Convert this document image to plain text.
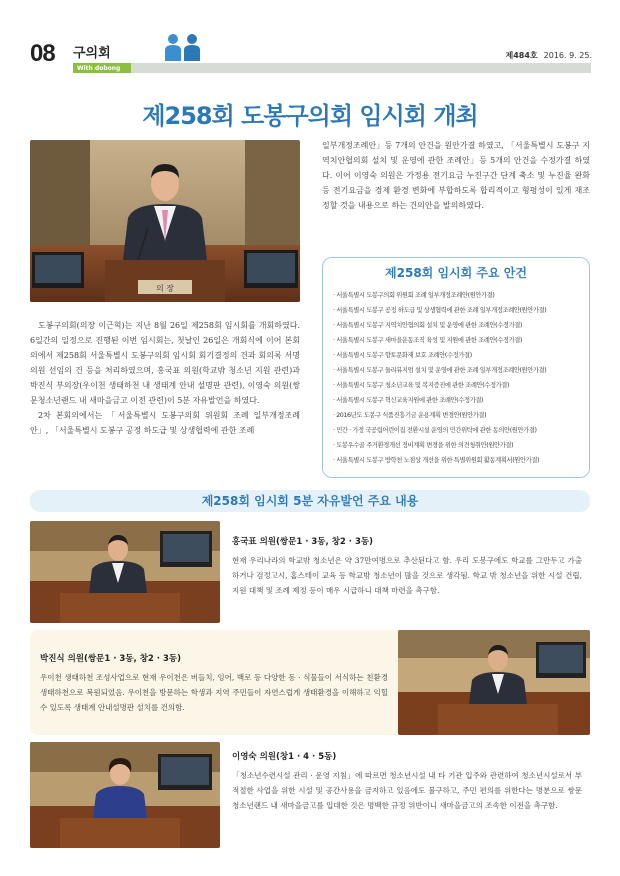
08 구의회
With dobong
제484호 2016. 9. 25.
제258회 도봉구의회 임시회 개최
의 장

도봉구의회(의장 이근혁)는 지난 8월 26일 제258회 임시회를 개회하였다. 6일간의 일정으로 진행된 이번 임시회는, 첫날인 26일은 개회식에 이어 본회의에서 제258회 서울특별시 도봉구의회 임시회 회기결정의 건과 회의록 서명의원 선임의 건 등을 처리하였으며, 홍국표 의원(학교밖 청소년 지원 관련)과 박진식 부의장(우이천 생태하천 내 생태계 안내 설명판 관련), 이영숙 의원(쌍문청소년랜드 내 새마을금고 이전 관련)이 5분 자유발언을 하였다.

2차 본회의에서는 「서울특별시 도봉구의회 위원회 조례 일부개정조례안」, 「서울특별시 도봉구 공정 하도급 및 상생협력에 관한 조례

일부개정조례안」등 7개의 안건을 원안가결 하였고, 「서울특별시 도봉구 지역치안협의회 설치 및 운영에 관한 조례안」등 5개의 안건을 수정가결 하였다. 이어 이영숙 의원은 가정용 전기요금 누진구간 단계 축소 및 누진율 완화 등 전기요금을 경제 환경 변화에 부합하도록 합리적이고 형평성이 있게 재조정할 것을 내용으로 하는 건의안을 발의하였다.

제258회 임시회 주요 안건
· 서울특별시 도봉구의회 위원회 조례 일부개정조례안(원안가결)
· 서울특별시 도봉구 공정 하도급 및 상생협력에 관한 조례 일부개정조례안(원안가결)
· 서울특별시 도봉구 지역치안협의회 설치 및 운영에 관한 조례안(수정가결)
· 서울특별시 도봉구 새마을운동조직 육성 및 지원에 관한 조례안(수정가결)
· 서울특별시 도봉구 향토문화재 보호 조례안(수정가결)
· 서울특별시 도봉구 둘리뮤지엄 설치 및 운영에 관한 조례 일부개정조례안(원안가결)
· 서울특별시 도봉구 청소년교육 및 복지증진에 관한 조례안(수정가결)
· 서울특별시 도봉구 혁신교육지원에 관한 조례안(수정가결)
· 2016년도 도봉구 식품진흥기금 운용계획 변경안(원안가결)
· 민간 · 가정 국공립어린이집 전환시설 운영의 민간위탁에 관한 동의안(원안가결)
· 도봉우수골 주거환경개선 정비계획 변경을 위한 의견청취안(원안가결)
· 서울특별시 도봉구 방학천 노점상 개선을 위한 특별위원회 활동계획서(원안가결)
제258회 임시회 5분 자유발언 주요 내용
홍국표 의원(쌍문1 · 3동, 창2 · 3동)
현재 우리나라의 학교밖 청소년은 약 37만여명으로 추산된다고 함. 우리 도봉구에도 학교를 그만두고 가출하거나 검정고시, 홈스테이 교육 등 학교밖 청소년이 많을 것으로 생각됨. 학교 밖 청소년을 위한 시설 건립, 지원 대책 및 조례 제정 등이 매우 시급하니 대책 마련을 촉구함.
박진식 의원(쌍문1 · 3동, 창2 · 3동)
우이천 생태하천 조성사업으로 현재 우이천은 버들치, 잉어, 백로 등 다양한 동 · 식물들이 서식하는 친환경 생태하천으로 복원되었음. 우이천을 방문하는 학생과 지역 주민들이 자연스럽게 생태환경을 이해하고 익힐 수 있도록 생태계 안내설명판 설치를 건의함.
이영숙 의원(창1 · 4 · 5동)
「청소년수련시설 관리 · 운영 지침」에 따르면 청소년시설 내 타 기관 입주와 관련하여 청소년시설로서 부적절한 사업을 위한 시설 및 공간사용을 금지하고 있음에도 불구하고, 주민 편의를 위한다는 명분으로 쌍문청소년랜드 내 새마을금고를 입대한 것은 명백한 규정 위반이니 새마을금고의 조속한 이전을 촉구함.
